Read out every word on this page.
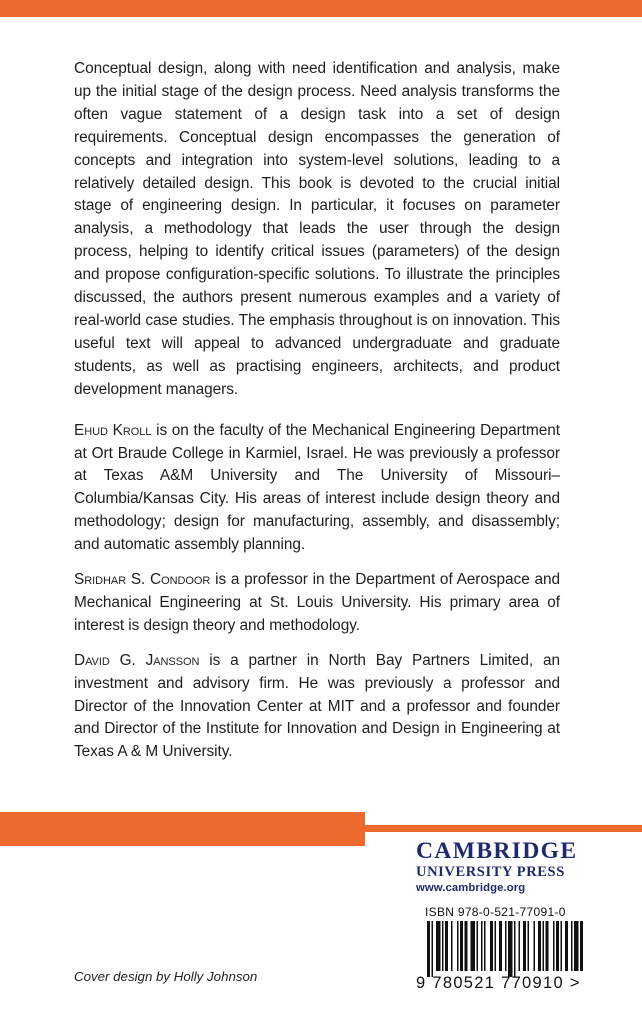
Conceptual design, along with need identification and analysis, make up the initial stage of the design process. Need analysis transforms the often vague statement of a design task into a set of design requirements. Conceptual design encompasses the generation of concepts and integration into system-level solutions, leading to a relatively detailed design. This book is devoted to the crucial initial stage of engineering design. In particular, it focuses on parameter analysis, a methodology that leads the user through the design process, helping to identify critical issues (parameters) of the design and propose configuration-specific solutions. To illustrate the principles discussed, the authors present numerous examples and a variety of real-world case studies. The emphasis throughout is on innovation. This useful text will appeal to advanced undergraduate and graduate students, as well as practising engineers, architects, and product development managers.

Ehud Kroll is on the faculty of the Mechanical Engineering Department at Ort Braude College in Karmiel, Israel. He was previously a professor at Texas A&M University and The University of Missouri–Columbia/Kansas City. His areas of interest include design theory and methodology; design for manufacturing, assembly, and disassembly; and automatic assembly planning.

Sridhar S. Condoor is a professor in the Department of Aerospace and Mechanical Engineering at St. Louis University. His primary area of interest is design theory and methodology.

David G. Jansson is a partner in North Bay Partners Limited, an investment and advisory firm. He was previously a professor and Director of the Innovation Center at MIT and a professor and founder and Director of the Institute for Innovation and Design in Engineering at Texas A & M University.

CAMBRIDGE
UNIVERSITY PRESS
www.cambridge.org
ISBN 978-0-521-77091-0
9 780521 770910 >
Cover design by Holly Johnson
